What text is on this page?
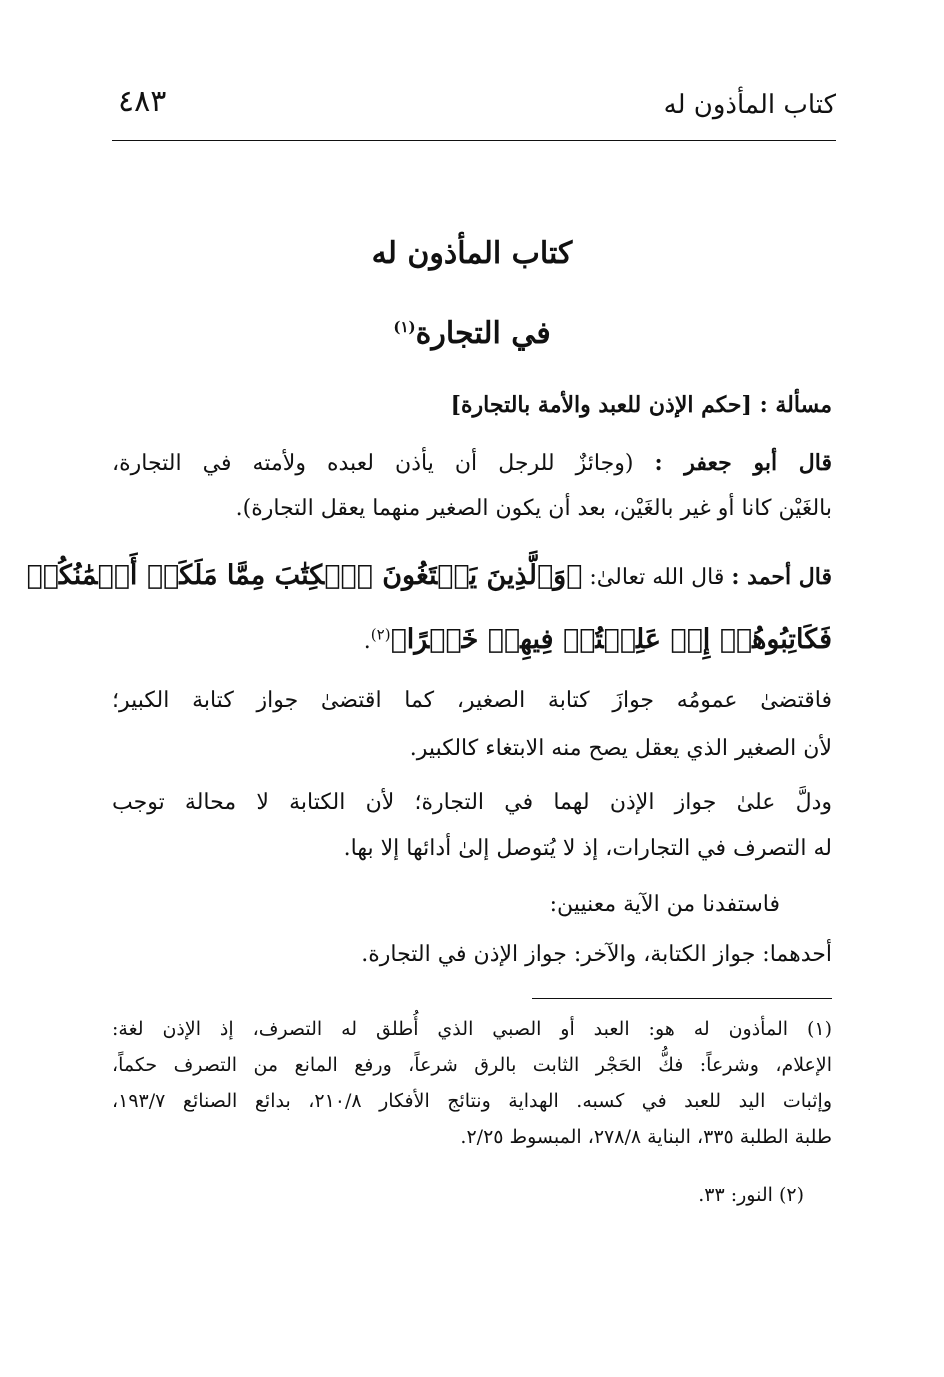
كتاب المأذون له
٤٨٣
كتاب المأذون له
في التجارة$^{(١)}$
مسألة : [حكم الإذن للعبد والأمة بالتجارة]
قال أبو جعفر : (وجائزٌ للرجل أن يأذن لعبده ولأمته في التجارة،
بالغَيْن كانا أو غير بالغَيْن، بعد أن يكون الصغير منهما يعقل التجارة).
قال أحمد : قال الله تعالىٰ: ﴿وَٱلَّذِينَ يَبۡتَغُونَ ٱلۡكِتَٰبَ مِمَّا مَلَكَتۡ أَيۡمَٰنُكُمۡ
فَكَاتِبُوهُمۡ إِنۡ عَلِمۡتُمۡ فِيهِمۡ خَيۡرًا﴾$^{(٢)}$.
فاقتضىٰ عمومُه جوازَ كتابة الصغير، كما اقتضىٰ جواز كتابة الكبير؛
لأن الصغير الذي يعقل يصح منه الابتغاء كالكبير.
ودلَّ علىٰ جواز الإذن لهما في التجارة؛ لأن الكتابة لا محالة توجب
له التصرف في التجارات، إذ لا يُتوصل إلىٰ أدائها إلا بها.
فاستفدنا من الآية معنيين:
أحدهما: جواز الكتابة، والآخر: جواز الإذن في التجارة.
(١) المأذون له هو: العبد أو الصبي الذي أُطلق له التصرف، إذ الإذن لغة:
الإعلام، وشرعاً: فكُّ الحَجْر الثابت بالرق شرعاً، ورفع المانع من التصرف حكماً،
وإثبات اليد للعبد في كسبه. الهداية ونتائج الأفكار ٢١٠/٨، بدائع الصنائع ١٩٣/٧،
طلبة الطلبة ٣٣٥، البناية ٢٧٨/٨، المبسوط ٢/٢٥.
(٢) النور: ٣٣.
